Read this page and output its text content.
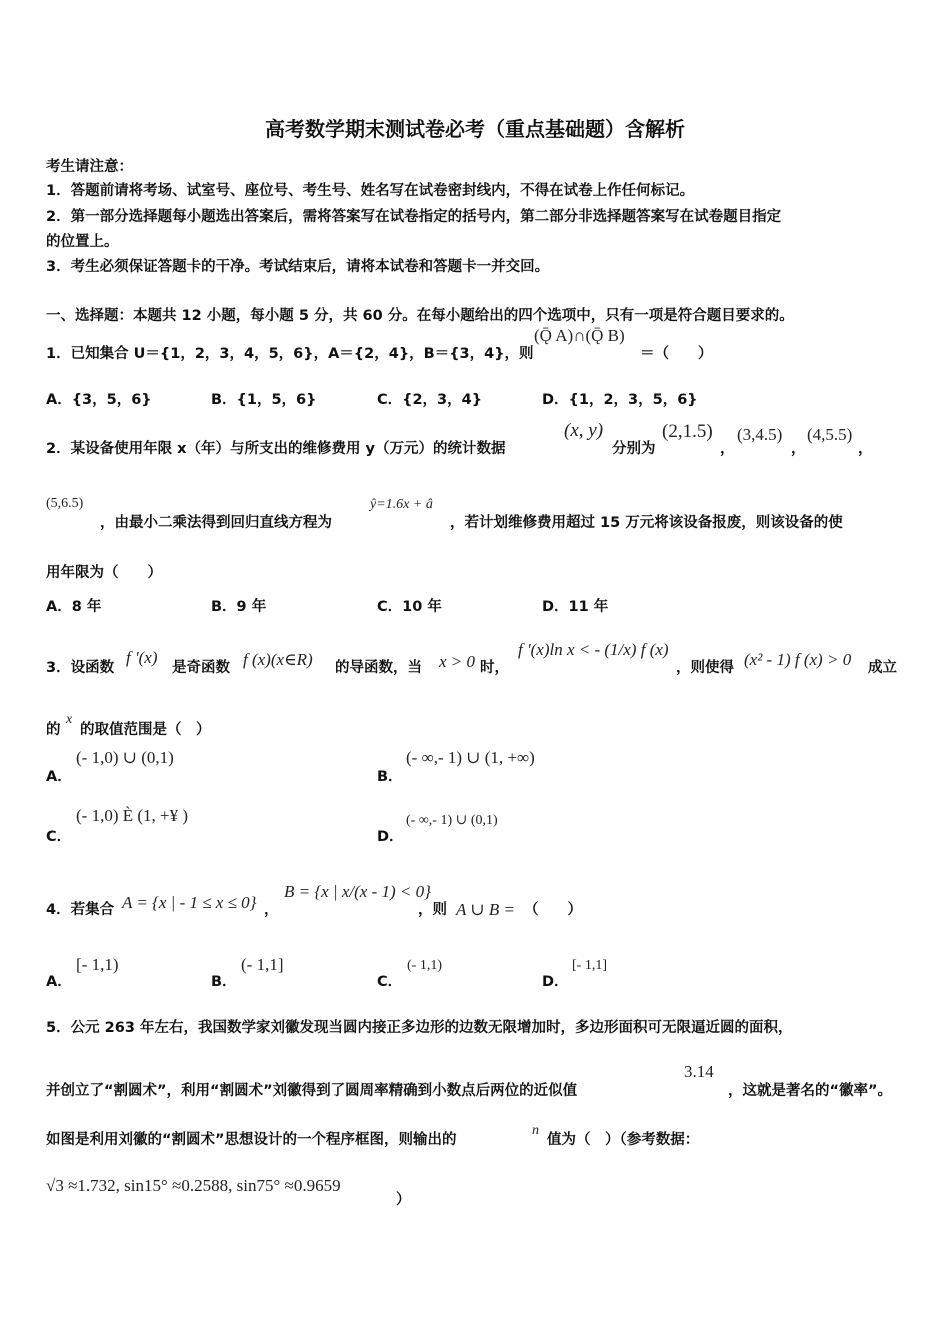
高考数学期末测试卷必考（重点基础题）含解析
考生请注意：
1．答题前请将考场、试室号、座位号、考生号、姓名写在试卷密封线内，不得在试卷上作任何标记。
2．第一部分选择题每小题选出答案后，需将答案写在试卷指定的括号内，第二部分非选择题答案写在试卷题目指定
的位置上。
3．考生必须保证答题卡的干净。考试结束后，请将本试卷和答题卡一并交回。
一、选择题：本题共 12 小题，每小题 5 分，共 60 分。在每小题给出的四个选项中，只有一项是符合题目要求的。
1．已知集合 U＝{1，2，3，4，5，6}，A＝{2，4}，B＝{3，4}，则
(Ǭ A)∩(Ǭ B)
＝（　　）
A．{3，5，6}	B．{1，5，6}	C．{2，3，4}	D．{1，2，3，5，6}
2．某设备使用年限 x（年）与所支出的维修费用 y（万元）的统计数据
(x, y)
分别为
(2,1.5)
，
(3,4.5)
，
(4,5.5)
，
(5,6.5)
，由最小二乘法得到回归直线方程为
ŷ=1.6x + â
，若计划维修费用超过 15 万元将该设备报废，则该设备的使
用年限为（　　）
A．8 年	B．9 年	C．10 年	D．11 年
3．设函数
f '(x)
是奇函数 f (x)(x∈R) 的导函数，当 x > 0 时，
f '(x)ln x < - (1/x) f (x)
，则使得 (x² - 1) f (x) > 0 成立
的
x
的取值范围是（　）
A．
(- 1,0) ∪ (0,1)
B．
(- ∞,- 1) ∪ (1, +∞)
C．
(- 1,0) È (1, +¥ )
D．
(- ∞,- 1) ∪ (0,1)
4．若集合 A = {x | - 1 ≤ x ≤ 0} ，
B = {x | x/(x - 1) < 0}
，则 A ∪ B = （　　）
A．
[- 1,1)
B．
(- 1,1]
C．
(- 1,1)
D．
[- 1,1]
5．公元 263 年左右，我国数学家刘徽发现当圆内接正多边形的边数无限增加时，多边形面积可无限逼近圆的面积，
并创立了“割圆术”，利用“割圆术”刘徽得到了圆周率精确到小数点后两位的近似值
3.14
，这就是著名的“徽率”。
如图是利用刘徽的“割圆术”思想设计的一个程序框图，则输出的
n
值为（　）（参考数据：
√3 ≈1.732, sin15° ≈0.2588, sin75° ≈0.9659
）
